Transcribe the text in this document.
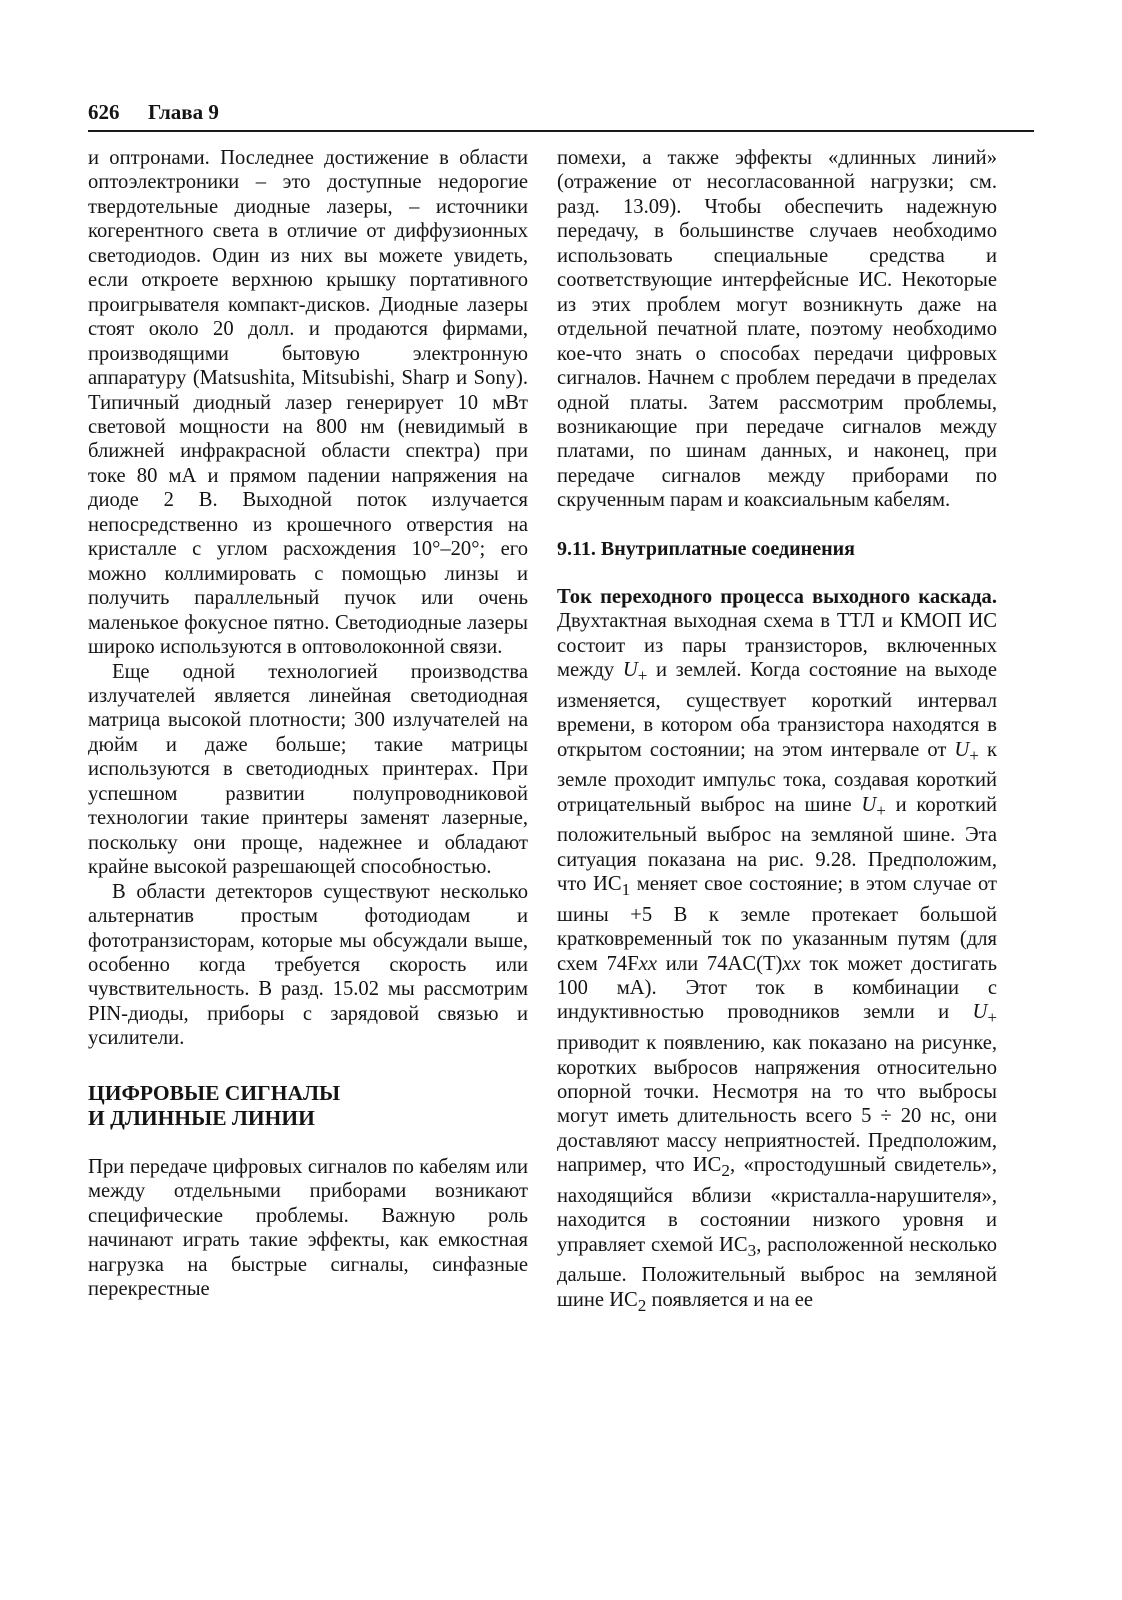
626 Глава 9

и оптронами. Последнее достижение в области оптоэлектроники – это доступные недорогие твердотельные диодные лазеры, – источники когерентного света в отличие от диффузионных светодиодов. Один из них вы можете увидеть, если откроете верхнюю крышку портативного проигрывателя компакт-дисков. Диодные лазеры стоят около 20 долл. и продаются фирмами, производящими бытовую электронную аппаратуру (Matsushita, Mitsubishi, Sharp и Sony). Типичный диодный лазер генерирует 10 мВт световой мощности на 800 нм (невидимый в ближней инфракрасной области спектра) при токе 80 мА и прямом падении напряжения на диоде 2 В. Выходной поток излучается непосредственно из крошечного отверстия на кристалле с углом расхождения 10°–20°; его можно коллимировать с помощью линзы и получить параллельный пучок или очень маленькое фокусное пятно. Светодиодные лазеры широко используются в оптоволоконной связи.

Еще одной технологией производства излучателей является линейная светодиодная матрица высокой плотности; 300 излучателей на дюйм и даже больше; такие матрицы используются в светодиодных принтерах. При успешном развитии полупроводниковой технологии такие принтеры заменят лазерные, поскольку они проще, надежнее и обладают крайне высокой разрешающей способностью.

В области детекторов существуют несколько альтернатив простым фотодиодам и фототранзисторам, которые мы обсуждали выше, особенно когда требуется скорость или чувствительность. В разд. 15.02 мы рассмотрим PIN-диоды, приборы с зарядовой связью и усилители.

ЦИФРОВЫЕ СИГНАЛЫ
И ДЛИННЫЕ ЛИНИИ

При передаче цифровых сигналов по кабелям или между отдельными приборами возникают специфические проблемы. Важную роль начинают играть такие эффекты, как емкостная нагрузка на быстрые сигналы, синфазные перекрестные

помехи, а также эффекты «длинных линий» (отражение от несогласованной нагрузки; см. разд. 13.09). Чтобы обеспечить надежную передачу, в большинстве случаев необходимо использовать специальные средства и соответствующие интерфейсные ИС. Некоторые из этих проблем могут возникнуть даже на отдельной печатной плате, поэтому необходимо кое-что знать о способах передачи цифровых сигналов. Начнем с проблем передачи в пределах одной платы. Затем рассмотрим проблемы, возникающие при передаче сигналов между платами, по шинам данных, и наконец, при передаче сигналов между приборами по скрученным парам и коаксиальным кабелям.

9.11. Внутриплатные соединения

Ток переходного процесса выходного каскада. Двухтактная выходная схема в ТТЛ и КМОП ИС состоит из пары транзисторов, включенных между $U_+$ и землей. Когда состояние на выходе изменяется, существует короткий интервал времени, в котором оба транзистора находятся в открытом состоянии; на этом интервале от $U_+$ к земле проходит импульс тока, создавая короткий отрицательный выброс на шине $U_+$ и короткий положительный выброс на земляной шине. Эта ситуация показана на рис. 9.28. Предположим, что $ИС_1$ меняет свое состояние; в этом случае от шины +5 В к земле протекает большой кратковременный ток по указанным путям (для схем 74Fxx или 74AC(T)xx ток может достигать 100 мА). Этот ток в комбинации с индуктивностью проводников земли и $U_+$ приводит к появлению, как показано на рисунке, коротких выбросов напряжения относительно опорной точки. Несмотря на то что выбросы могут иметь длительность всего 5 ÷ 20 нс, они доставляют массу неприятностей. Предположим, например, что $ИС_2$, «простодушный свидетель», находящийся вблизи «кристалла-нарушителя», находится в состоянии низкого уровня и управляет схемой $ИС_3$, расположенной несколько дальше. Положительный выброс на земляной шине $ИС_2$ появляется и на ее
